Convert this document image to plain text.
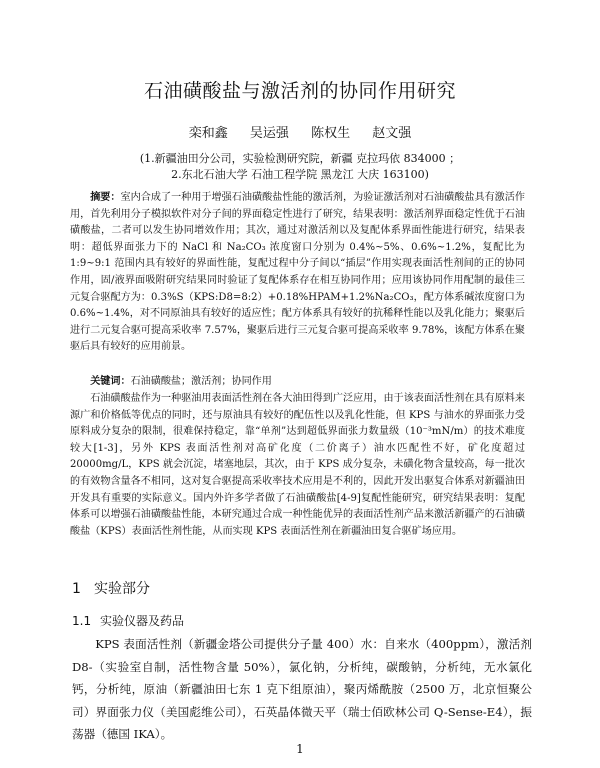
石油磺酸盐与激活剂的协同作用研究
栾和鑫 吴运强 陈权生 赵文强
(1.新疆油田分公司，实验检测研究院，新疆 克拉玛依 834000 ；
2.东北石油大学 石油工程学院 黑龙江 大庆 163100)
摘要：室内合成了一种用于增强石油磺酸盐性能的激活剂，为验证激活剂对石油磺酸盐具有激活作用，首先利用分子模拟软件对分子间的界面稳定性进行了研究，结果表明：激活剂界面稳定性优于石油磺酸盐，二者可以发生协同增效作用；其次，通过对激活剂以及复配体系界面性能进行研究，结果表明：超低界面张力下的 NaCl 和 Na₂CO₃ 浓度窗口分别为 0.4%~5%、0.6%~1.2%，复配比为 1:9~9:1 范围内具有较好的界面性能，复配过程中分子间以“插层”作用实现表面活性剂间的正的协同作用，固/液界面吸附研究结果同时验证了复配体系存在相互协同作用；应用该协同作用配制的最佳三元复合驱配方为：0.3%S（KPS:D8=8:2）+0.18%HPAM+1.2%Na₂CO₃，配方体系碱浓度窗口为 0.6%~1.4%，对不同原油具有较好的适应性；配方体系具有较好的抗稀释性能以及乳化能力；聚驱后进行二元复合驱可提高采收率 7.57%，聚驱后进行三元复合驱可提高采收率 9.78%，该配方体系在聚驱后具有较好的应用前景。
关键词：石油磺酸盐；激活剂；协同作用
石油磺酸盐作为一种驱油用表面活性剂在各大油田得到广泛应用，由于该表面活性剂在具有原料来源广和价格低等优点的同时，还与原油具有较好的配伍性以及乳化性能，但 KPS 与油水的界面张力受原料成分复杂的限制，很难保持稳定，靠“单剂”达到超低界面张力数量级（10⁻³mN/m）的技术难度较大[1-3]，另外 KPS 表面活性剂对高矿化度（二价离子）油水匹配性不好，矿化度超过 20000mg/L，KPS 就会沉淀，堵塞地层，其次，由于 KPS 成分复杂，未磺化物含量较高，每一批次的有效物含量各不相同，这对复合驱提高采收率技术应用是不利的，因此开发出驱复合体系对新疆油田开发具有重要的实际意义。国内外许多学者做了石油磺酸盐[4-9]复配性能研究，研究结果表明：复配体系可以增强石油磺酸盐性能，本研究通过合成一种性能优异的表面活性剂产品来激活新疆产的石油磺酸盐（KPS）表面活性剂性能，从而实现 KPS 表面活性剂在新疆油田复合驱矿场应用。
1 实验部分
1.1 实验仪器及药品
KPS 表面活性剂（新疆金塔公司提供分子量 400）水：自来水（400ppm），激活剂 D8-（实验室自制，活性物含量 50%），氯化钠，分析纯，碳酸钠，分析纯，无水氯化钙，分析纯，原油（新疆油田七东 1 克下组原油），聚丙烯酰胺（2500 万，北京恒聚公司）界面张力仪（美国彪维公司），石英晶体微天平（瑞士佰欧林公司 Q-Sense-E4），振荡器（德国 IKA）。
1
